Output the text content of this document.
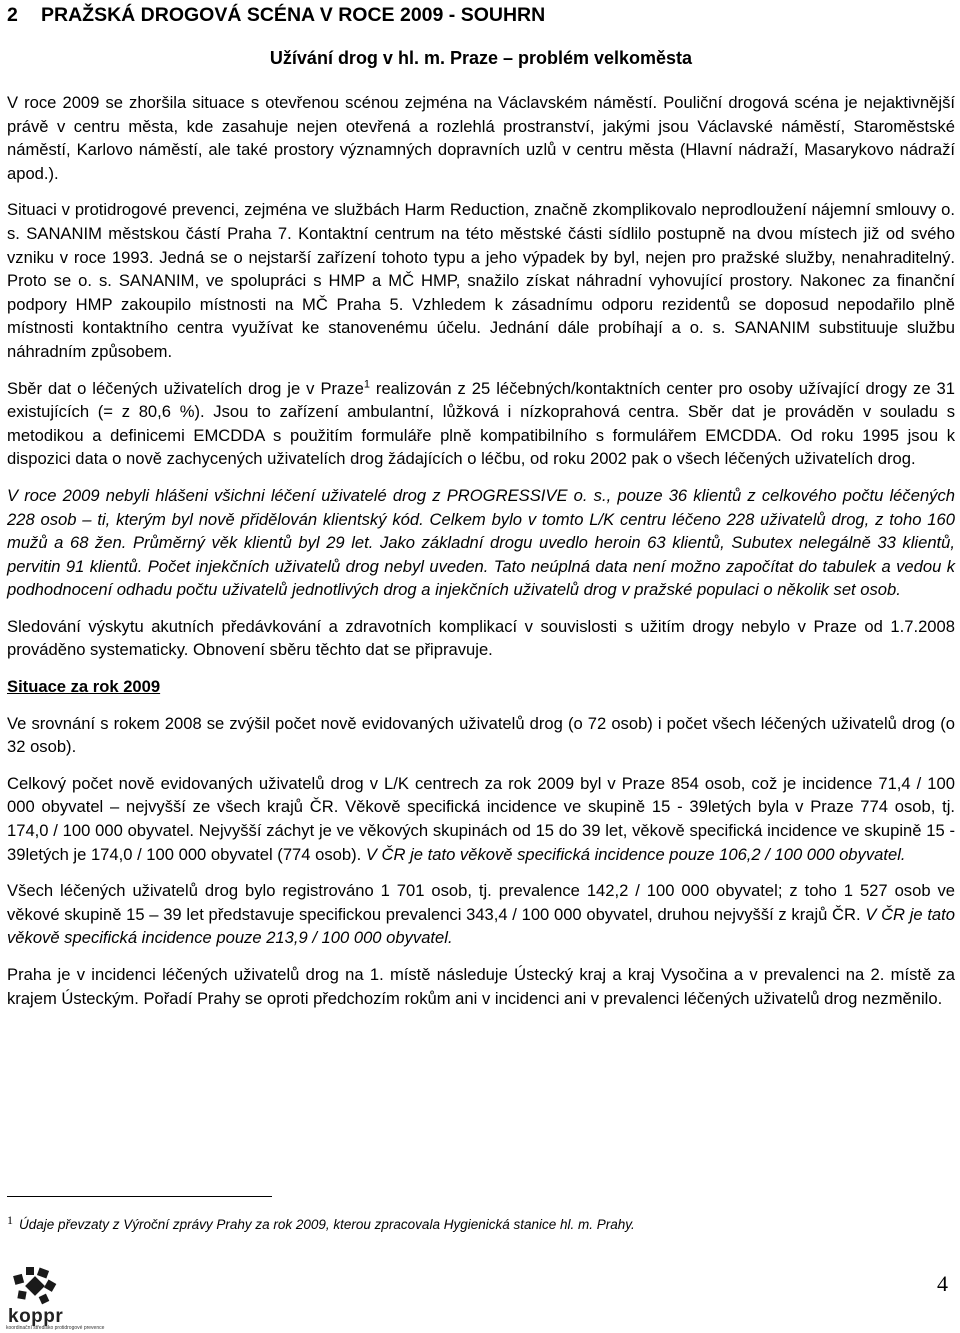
2 PRAŽSKÁ DROGOVÁ SCÉNA V ROCE 2009 - SOUHRN
Užívání drog v hl. m. Praze – problém velkoměsta

V roce 2009 se zhoršila situace s otevřenou scénou zejména na Václavském náměstí. Pouliční drogová scéna je nejaktivnější právě v centru města, kde zasahuje nejen otevřená a rozlehlá prostranství, jakými jsou Václavské náměstí, Staroměstské náměstí, Karlovo náměstí, ale také prostory významných dopravních uzlů v centru města (Hlavní nádraží, Masarykovo nádraží apod.).

Situaci v protidrogové prevenci, zejména ve službách Harm Reduction, značně zkomplikovalo neprodloužení nájemní smlouvy o. s. SANANIM městskou částí Praha 7. Kontaktní centrum na této městské části sídlilo postupně na dvou místech již od svého vzniku v roce 1993. Jedná se o nejstarší zařízení tohoto typu a jeho výpadek by byl, nejen pro pražské služby, nenahraditelný. Proto se o. s. SANANIM, ve spolupráci s HMP a MČ HMP, snažilo získat náhradní vyhovující prostory. Nakonec za finanční podpory HMP zakoupilo místnosti na MČ Praha 5. Vzhledem k zásadnímu odporu rezidentů se doposud nepodařilo plně místnosti kontaktního centra využívat ke stanovenému účelu. Jednání dále probíhají a o. s. SANANIM substituuje službu náhradním způsobem.

Sběr dat o léčených uživatelích drog je v Praze$^1$ realizován z 25 léčebných/kontaktních center pro osoby užívající drogy ze 31 existujících (= z 80,6 %). Jsou to zařízení ambulantní, lůžková i nízkoprahová centra. Sběr dat je prováděn v souladu s metodikou a definicemi EMCDDA s použitím formuláře plně kompatibilního s formulářem EMCDDA. Od roku 1995 jsou k dispozici data o nově zachycených uživatelích drog žádajících o léčbu, od roku 2002 pak o všech léčených uživatelích drog.

V roce 2009 nebyli hlášeni všichni léčení uživatelé drog z PROGRESSIVE o. s., pouze 36 klientů z celkového počtu léčených 228 osob – ti, kterým byl nově přidělován klientský kód. Celkem bylo v tomto L/K centru léčeno 228 uživatelů drog, z toho 160 mužů a 68 žen. Průměrný věk klientů byl 29 let. Jako základní drogu uvedlo heroin 63 klientů, Subutex nelegálně 33 klientů, pervitin 91 klientů. Počet injekčních uživatelů drog nebyl uveden. Tato neúplná data není možno započítat do tabulek a vedou k podhodnocení odhadu počtu uživatelů jednotlivých drog a injekčních uživatelů drog v pražské populaci o několik set osob.

Sledování výskytu akutních předávkování a zdravotních komplikací v souvislosti s užitím drogy nebylo v Praze od 1.7.2008 prováděno systematicky. Obnovení sběru těchto dat se připravuje.

Situace za rok 2009

Ve srovnání s rokem 2008 se zvýšil počet nově evidovaných uživatelů drog (o 72 osob) i počet všech léčených uživatelů drog (o 32 osob).

Celkový počet nově evidovaných uživatelů drog v L/K centrech za rok 2009 byl v Praze 854 osob, což je incidence 71,4 / 100 000 obyvatel – nejvyšší ze všech krajů ČR. Věkově specifická incidence ve skupině 15 - 39letých byla v Praze 774 osob, tj. 174,0 / 100 000 obyvatel. Nejvyšší záchyt je ve věkových skupinách od 15 do 39 let, věkově specifická incidence ve skupině 15 - 39letých je 174,0 / 100 000 obyvatel (774 osob). V ČR je tato věkově specifická incidence pouze 106,2 / 100 000 obyvatel.

Všech léčených uživatelů drog bylo registrováno 1 701 osob, tj. prevalence 142,2 / 100 000 obyvatel; z toho 1 527 osob ve věkové skupině 15 – 39 let představuje specifickou prevalenci 343,4 / 100 000 obyvatel, druhou nejvyšší z krajů ČR. V ČR je tato věkově specifická incidence pouze 213,9 / 100 000 obyvatel.

Praha je v incidenci léčených uživatelů drog na 1. místě následuje Ústecký kraj a kraj Vysočina a v prevalenci na 2. místě za krajem Ústeckým. Pořadí Prahy se oproti předchozím rokům ani v incidenci ani v prevalenci léčených uživatelů drog nezměnilo.

1 Údaje převzaty z Výroční zprávy Prahy za rok 2009, kterou zpracovala Hygienická stanice hl. m. Prahy.
4
koppr
koordinační středisko protidrogové prevence
